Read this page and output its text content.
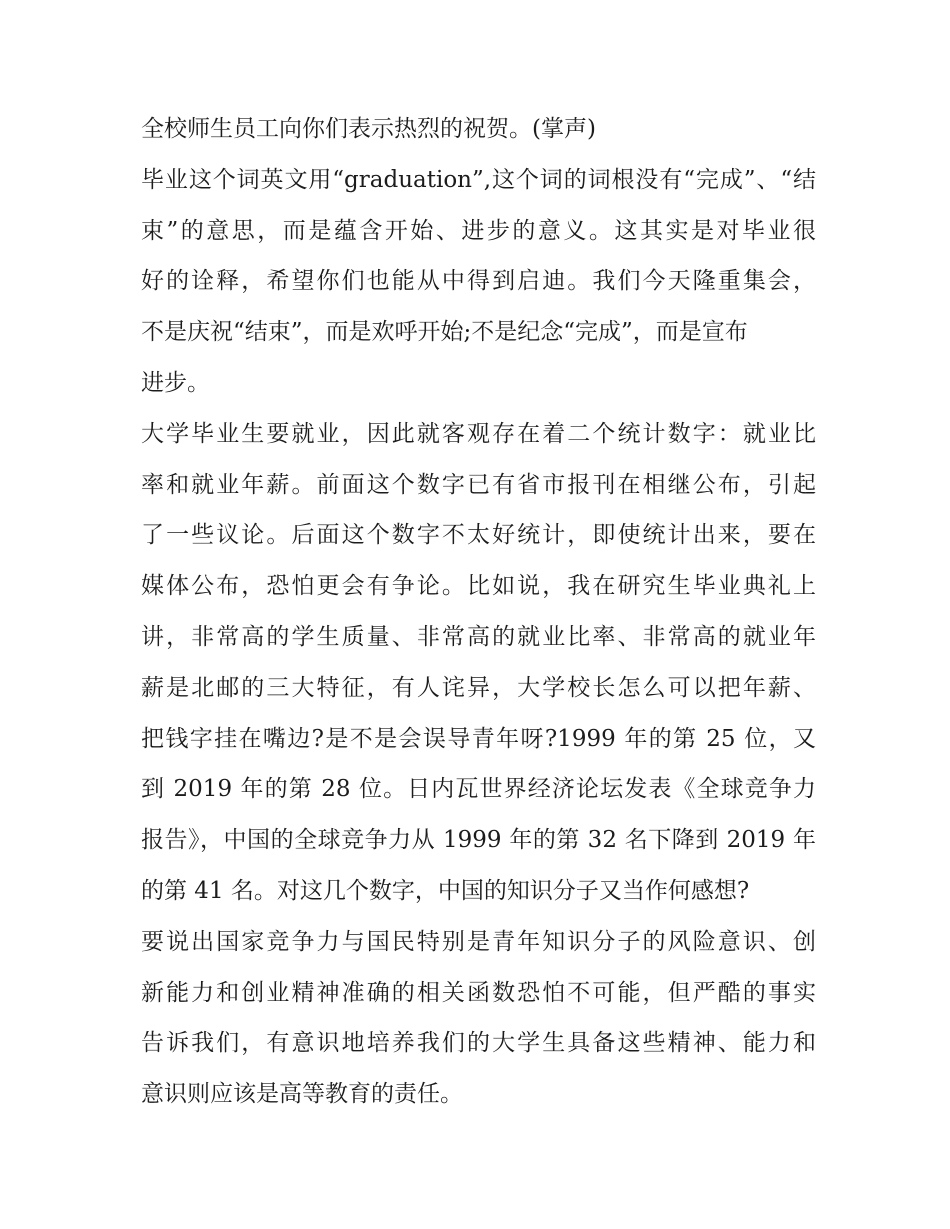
全校师生员工向你们表示热烈的祝贺。(掌声)
毕业这个词英文用“graduation”,这个词的词根没有“完成”、“结
束”的意思，而是蕴含开始、进步的意义。这其实是对毕业很
好的诠释，希望你们也能从中得到启迪。我们今天隆重集会，
不是庆祝“结束”，而是欢呼开始;不是纪念“完成”，而是宣布
进步。
大学毕业生要就业，因此就客观存在着二个统计数字：就业比
率和就业年薪。前面这个数字已有省市报刊在相继公布，引起
了一些议论。后面这个数字不太好统计，即使统计出来，要在
媒体公布，恐怕更会有争论。比如说，我在研究生毕业典礼上
讲，非常高的学生质量、非常高的就业比率、非常高的就业年
薪是北邮的三大特征，有人诧异，大学校长怎么可以把年薪、
把钱字挂在嘴边?是不是会误导青年呀?1999 年的第 25 位，又
到 2019 年的第 28 位。日内瓦世界经济论坛发表《全球竞争力
报告》，中国的全球竞争力从 1999 年的第 32 名下降到 2019 年
的第 41 名。对这几个数字，中国的知识分子又当作何感想?
要说出国家竞争力与国民特别是青年知识分子的风险意识、创
新能力和创业精神准确的相关函数恐怕不可能，但严酷的事实
告诉我们，有意识地培养我们的大学生具备这些精神、能力和
意识则应该是高等教育的责任。
